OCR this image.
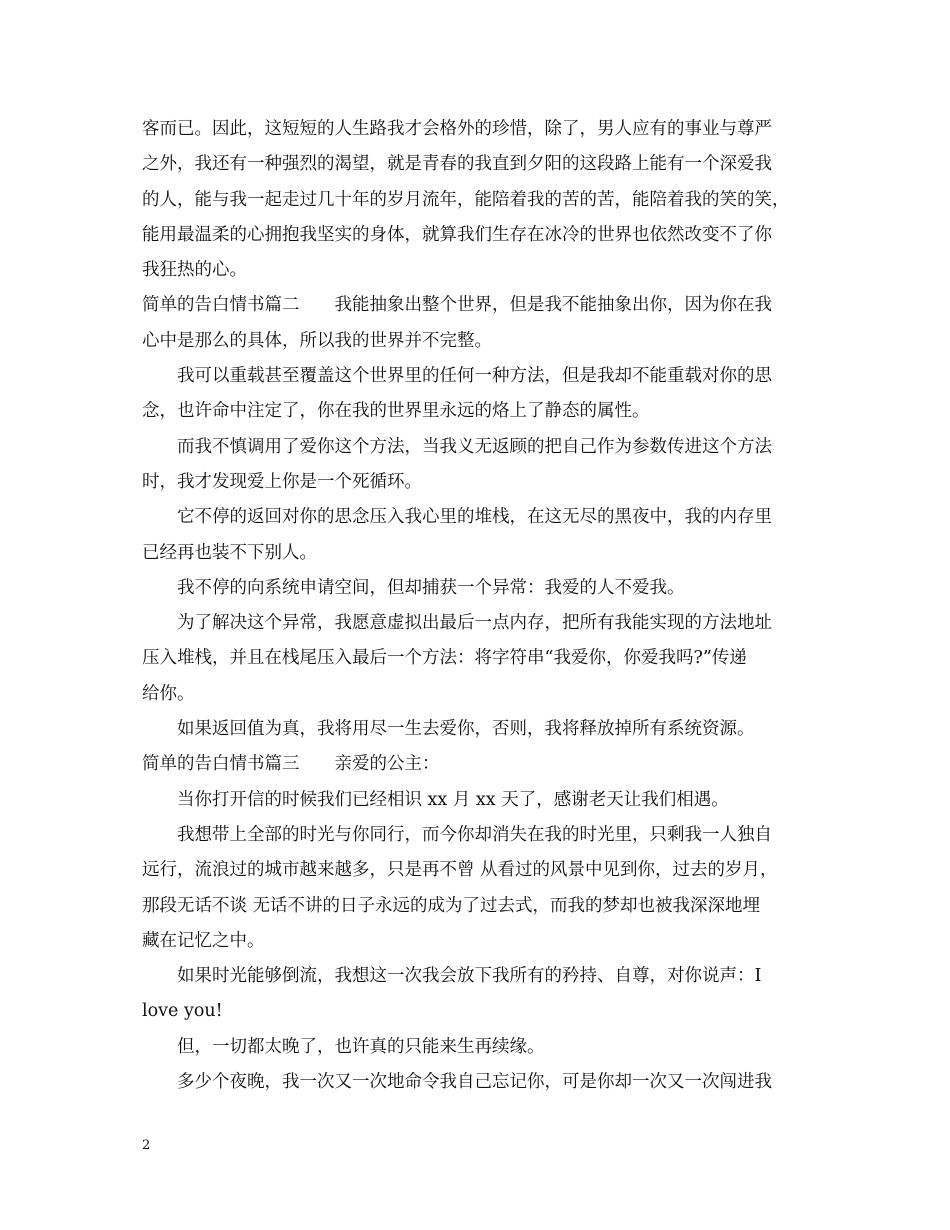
客而已。因此，这短短的人生路我才会格外的珍惜，除了，男人应有的事业与尊严
之外，我还有一种强烈的渴望，就是青春的我直到夕阳的这段路上能有一个深爱我
的人，能与我一起走过几十年的岁月流年，能陪着我的苦的苦，能陪着我的笑的笑，
能用最温柔的心拥抱我坚实的身体，就算我们生存在冰冷的世界也依然改变不了你
我狂热的心。
简单的告白情书篇二　　我能抽象出整个世界，但是我不能抽象出你，因为你在我
心中是那么的具体，所以我的世界并不完整。
我可以重载甚至覆盖这个世界里的任何一种方法，但是我却不能重载对你的思
念，也许命中注定了，你在我的世界里永远的烙上了静态的属性。
而我不慎调用了爱你这个方法，当我义无返顾的把自己作为参数传进这个方法
时，我才发现爱上你是一个死循环。
它不停的返回对你的思念压入我心里的堆栈，在这无尽的黑夜中，我的内存里
已经再也装不下别人。
我不停的向系统申请空间，但却捕获一个异常：我爱的人不爱我。
为了解决这个异常，我愿意虚拟出最后一点内存，把所有我能实现的方法地址
压入堆栈，并且在栈尾压入最后一个方法：将字符串“我爱你，你爱我吗?”传递
给你。
如果返回值为真，我将用尽一生去爱你，否则，我将释放掉所有系统资源。
简单的告白情书篇三　　亲爱的公主：
当你打开信的时候我们已经相识 xx 月 xx 天了，感谢老天让我们相遇。
我想带上全部的时光与你同行，而今你却消失在我的时光里，只剩我一人独自
远行，流浪过的城市越来越多，只是再不曾 从看过的风景中见到你，过去的岁月，
那段无话不谈 无话不讲的日子永远的成为了过去式，而我的梦却也被我深深地埋
藏在记忆之中。
如果时光能够倒流，我想这一次我会放下我所有的矜持、自尊，对你说声：I
love you!
但，一切都太晚了，也许真的只能来生再续缘。
多少个夜晚，我一次又一次地命令我自己忘记你，可是你却一次又一次闯进我
2
